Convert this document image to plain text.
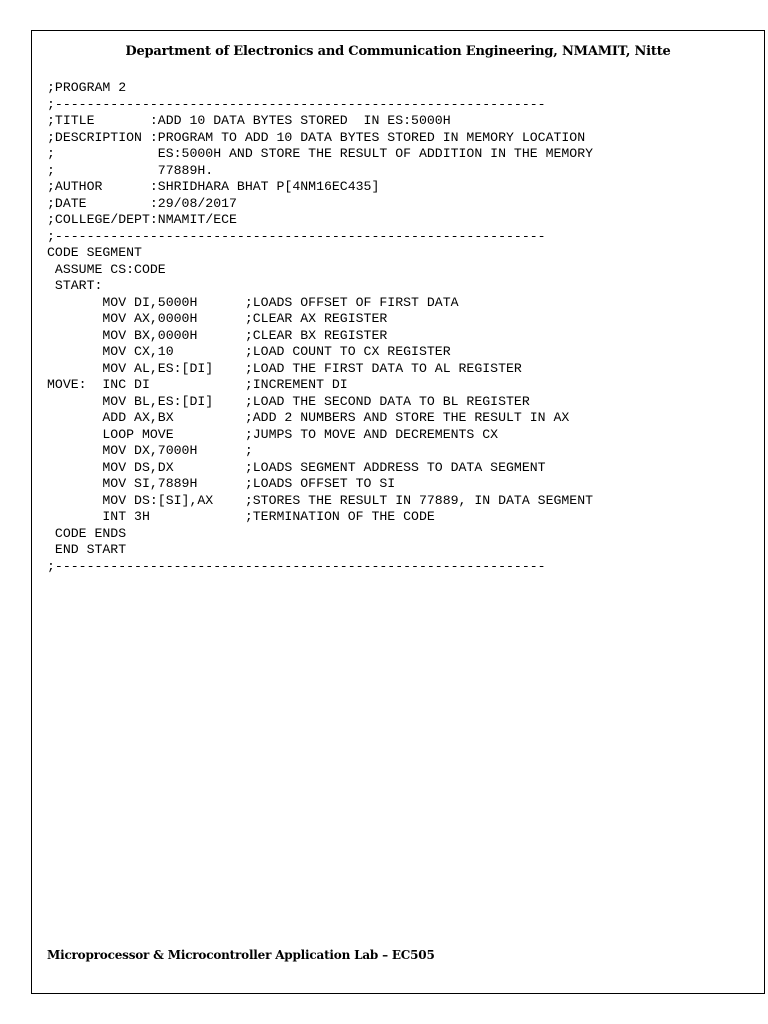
Department of Electronics and Communication Engineering, NMAMIT, Nitte
;PROGRAM 2
;--------------------------------------------------------------
;TITLE       :ADD 10 DATA BYTES STORED  IN ES:5000H
;DESCRIPTION :PROGRAM TO ADD 10 DATA BYTES STORED IN MEMORY LOCATION
;             ES:5000H AND STORE THE RESULT OF ADDITION IN THE MEMORY
;             77889H.
;AUTHOR      :SHRIDHARA BHAT P[4NM16EC435]
;DATE        :29/08/2017
;COLLEGE/DEPT:NMAMIT/ECE
;--------------------------------------------------------------
CODE SEGMENT
ASSUME CS:CODE
START:
MOV DI,5000H      ;LOADS OFFSET OF FIRST DATA
MOV AX,0000H      ;CLEAR AX REGISTER
MOV BX,0000H      ;CLEAR BX REGISTER
MOV CX,10         ;LOAD COUNT TO CX REGISTER
MOV AL,ES:[DI]    ;LOAD THE FIRST DATA TO AL REGISTER
MOVE:  INC DI            ;INCREMENT DI
MOV BL,ES:[DI]    ;LOAD THE SECOND DATA TO BL REGISTER
ADD AX,BX         ;ADD 2 NUMBERS AND STORE THE RESULT IN AX
LOOP MOVE         ;JUMPS TO MOVE AND DECREMENTS CX
MOV DX,7000H      ;
MOV DS,DX         ;LOADS SEGMENT ADDRESS TO DATA SEGMENT
MOV SI,7889H      ;LOADS OFFSET TO SI
MOV DS:[SI],AX    ;STORES THE RESULT IN 77889, IN DATA SEGMENT
INT 3H            ;TERMINATION OF THE CODE
CODE ENDS
END START
;--------------------------------------------------------------
Microprocessor & Microcontroller Application Lab – EC505
